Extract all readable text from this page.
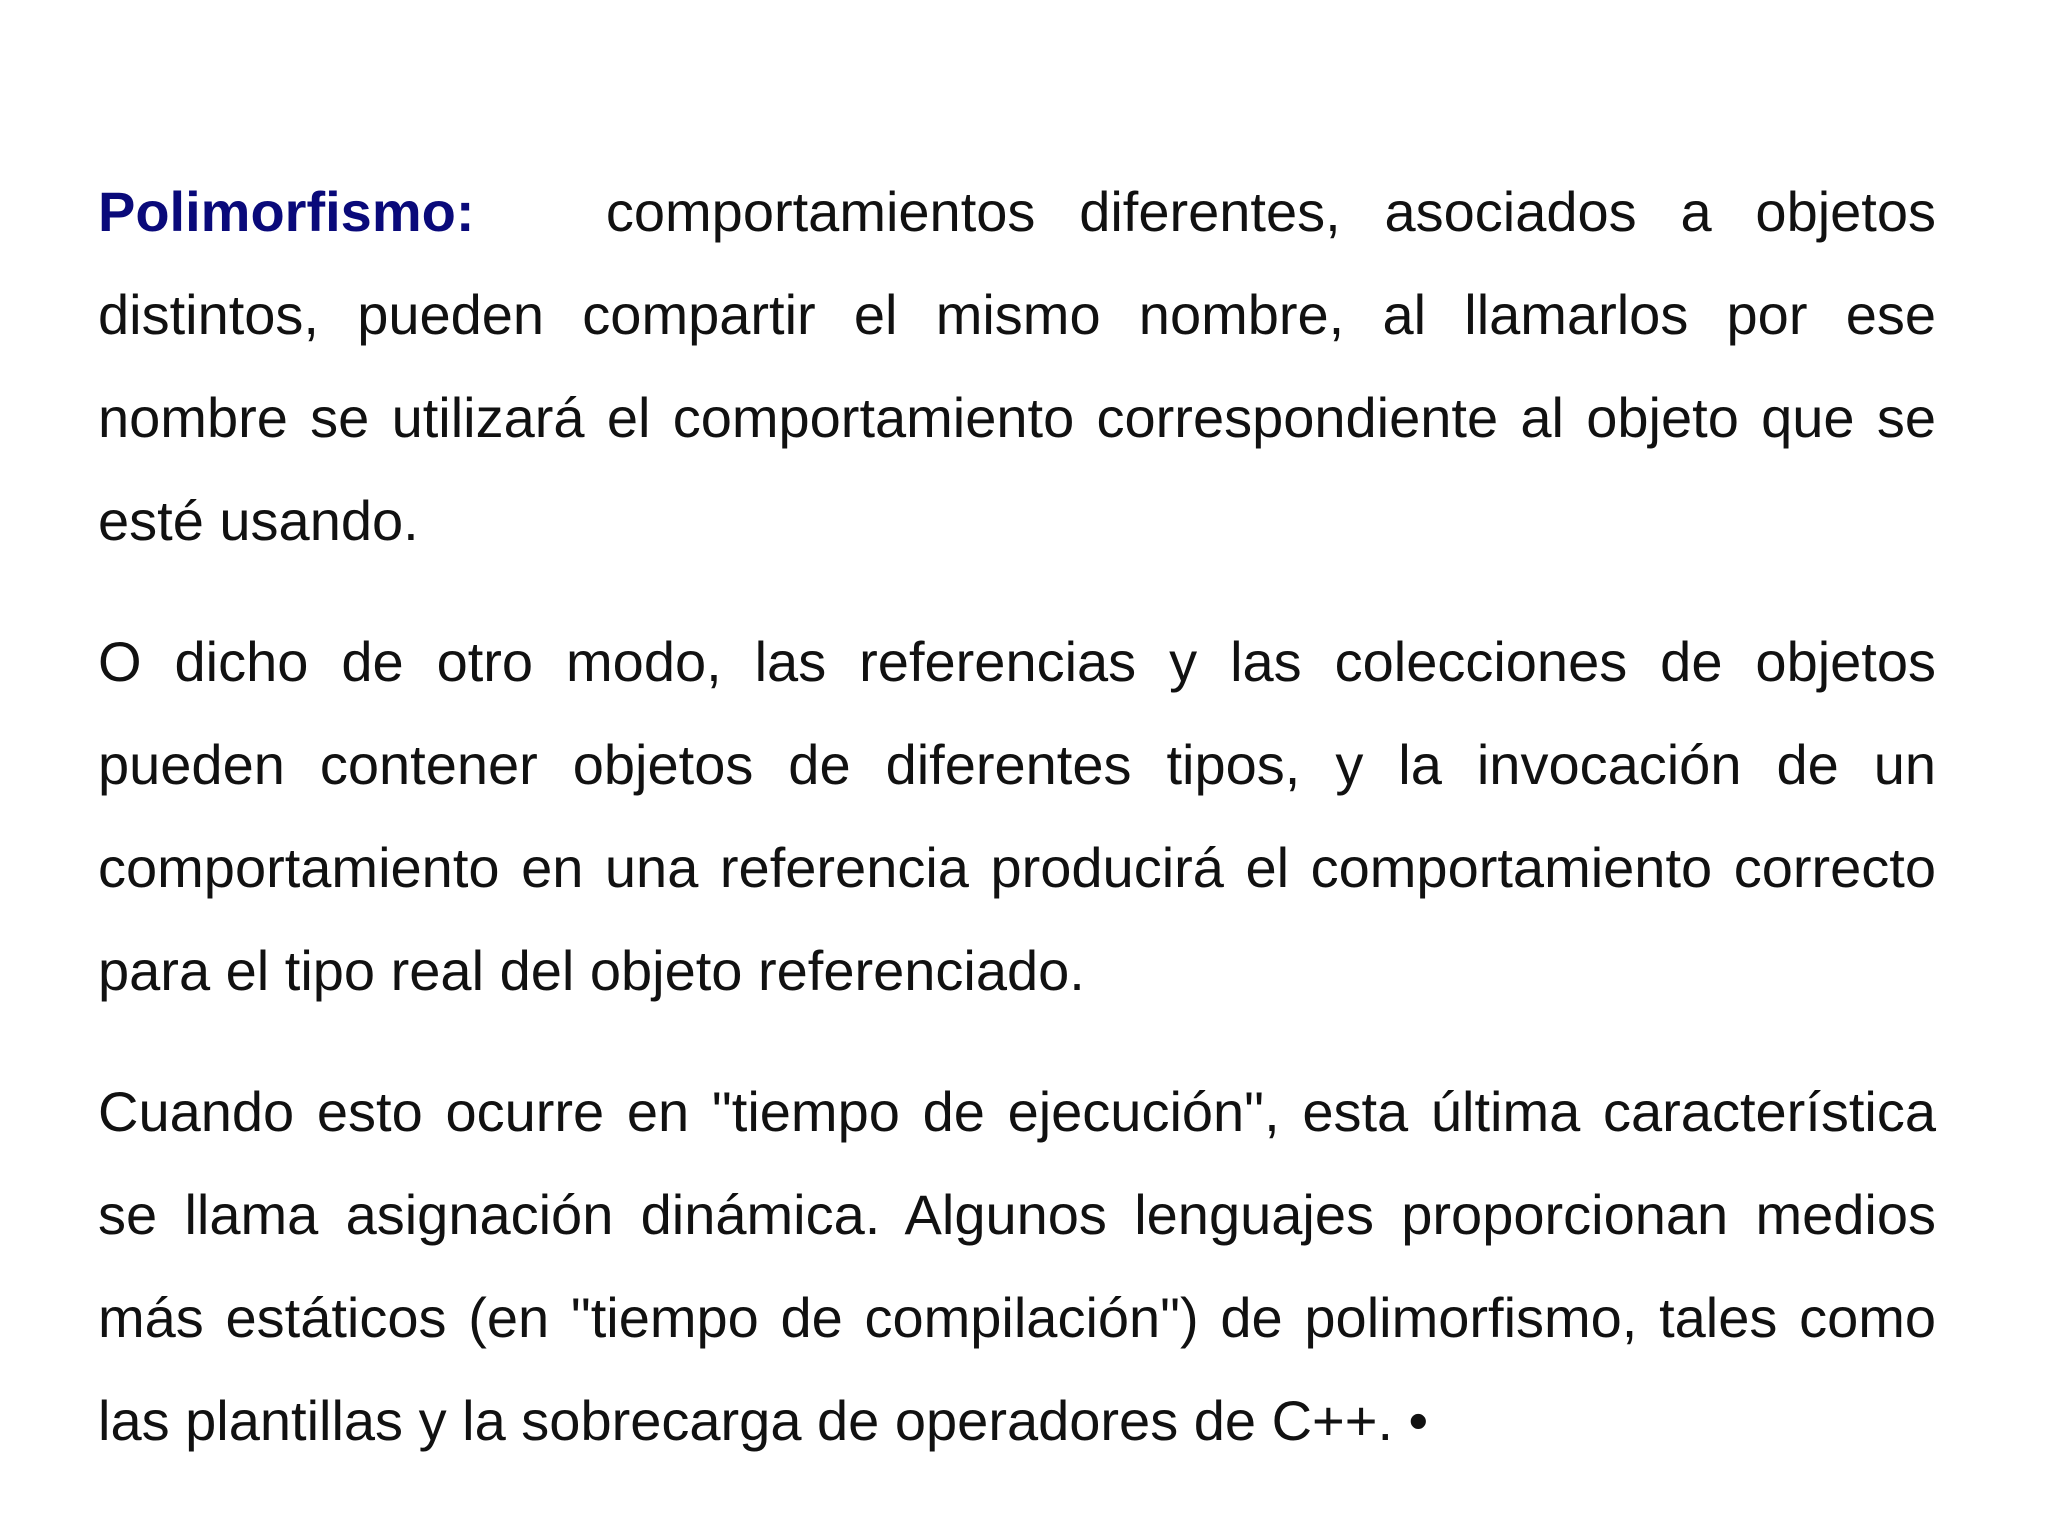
Polimorfismo: comportamientos diferentes, asociados a objetos distintos, pueden compartir el mismo nombre, al llamarlos por ese nombre se utilizará el comportamiento correspondiente al objeto que se esté usando.

O dicho de otro modo, las referencias y las colecciones de objetos pueden contener objetos de diferentes tipos, y la invocación de un comportamiento en una referencia producirá el comportamiento correcto para el tipo real del objeto referenciado.

Cuando esto ocurre en "tiempo de ejecución", esta última característica se llama asignación dinámica. Algunos lenguajes proporcionan medios más estáticos (en "tiempo de compilación") de polimorfismo, tales como las plantillas y la sobrecarga de operadores de C++. •
